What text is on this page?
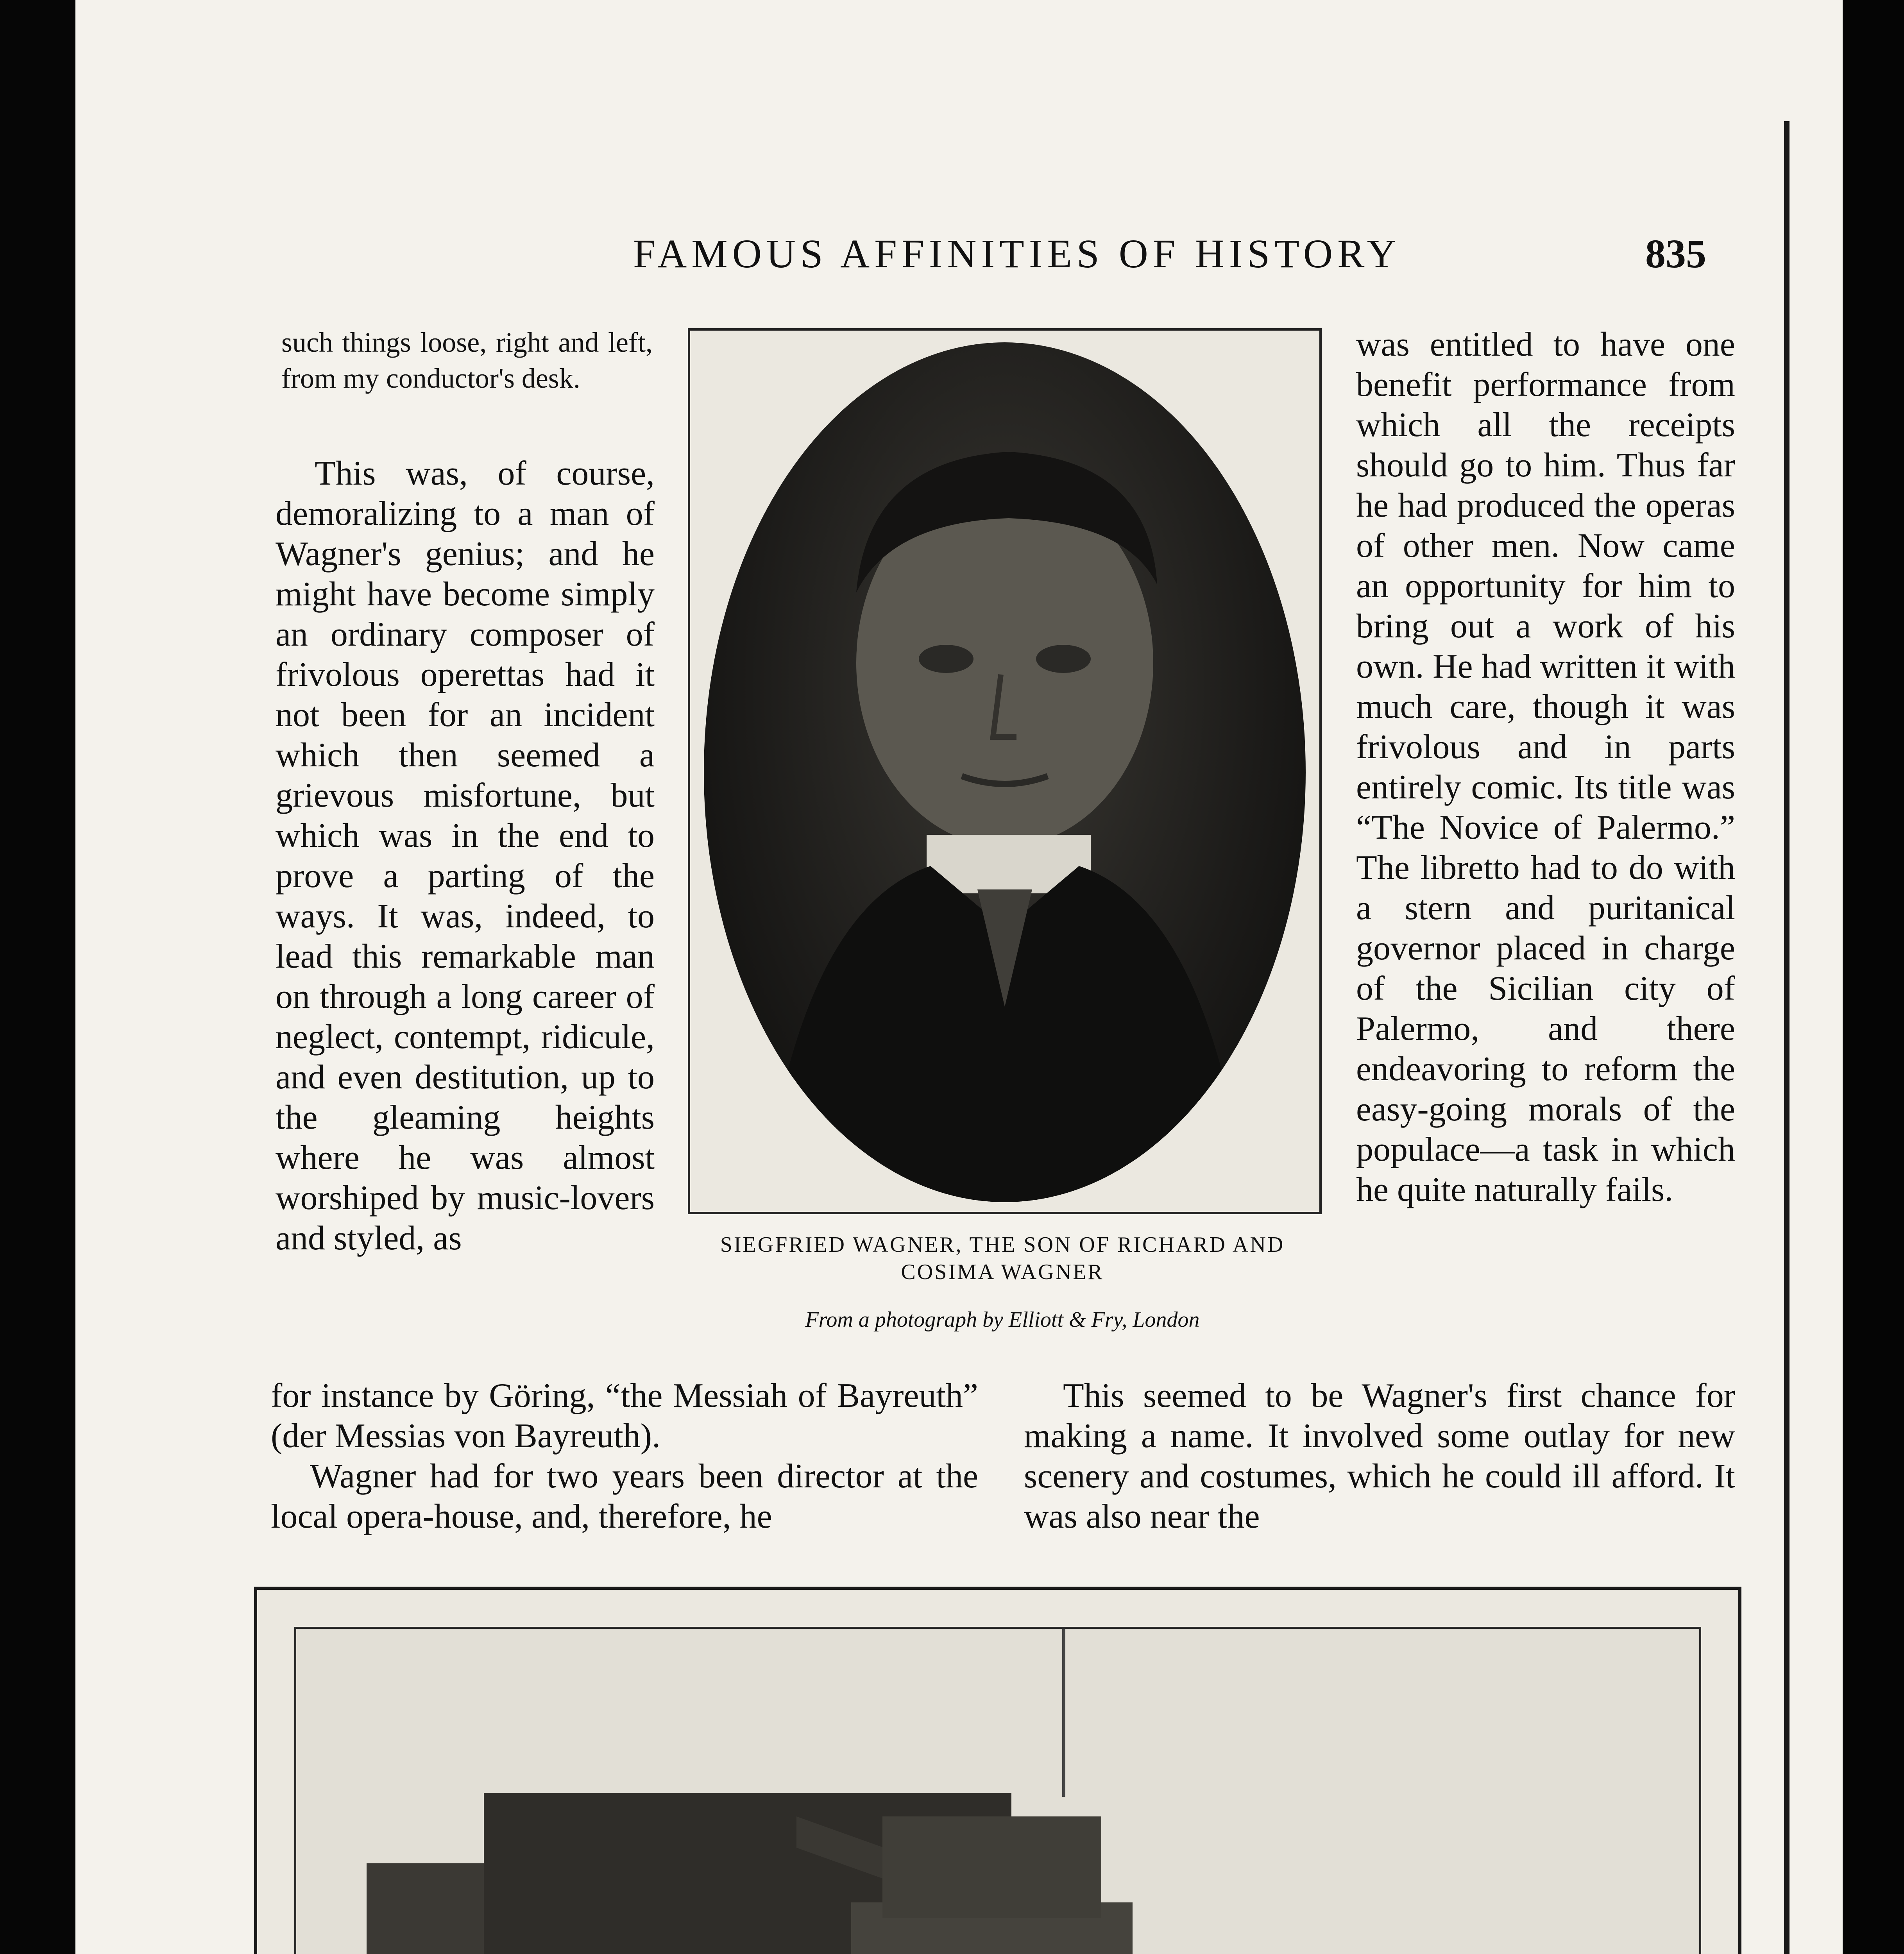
FAMOUS AFFINITIES OF HISTORY	835

such things loose, right and left, from my conductor's desk.

This was, of course, demoralizing to a man of Wagner's genius; and he might have become simply an ordinary composer of frivolous operettas had it not been for an incident which then seemed a grievous misfortune, but which was in the end to prove a parting of the ways. It was, indeed, to lead this remarkable man on through a long career of neglect, contempt, ridicule, and even destitution, up to the gleaming heights where he was almost worshiped by music-lovers and styled, as	SIEGFRIED WAGNER, THE SON OF RICHARD AND COSIMA WAGNER
From a photograph by Elliott & Fry, London

was entitled to have one benefit performance from which all the receipts should go to him. Thus far he had produced the operas of other men. Now came an opportunity for him to bring out a work of his own. He had written it with much care, though it was frivolous and in parts entirely comic. Its title was “The Novice of Palermo.” The libretto had to do with a stern and puritanical governor placed in charge of the Sicilian city of Palermo, and there endeavoring to reform the easy-going morals of the populace—a task in which he quite naturally fails.

for instance by Göring, “the Messiah of Bayreuth” (der Messias von Bayreuth).

Wagner had for two years been director at the local opera-house, and, therefore, he

This seemed to be Wagner's first chance for making a name. It involved some outlay for new scenery and costumes, which he could ill afford. It was also near the
